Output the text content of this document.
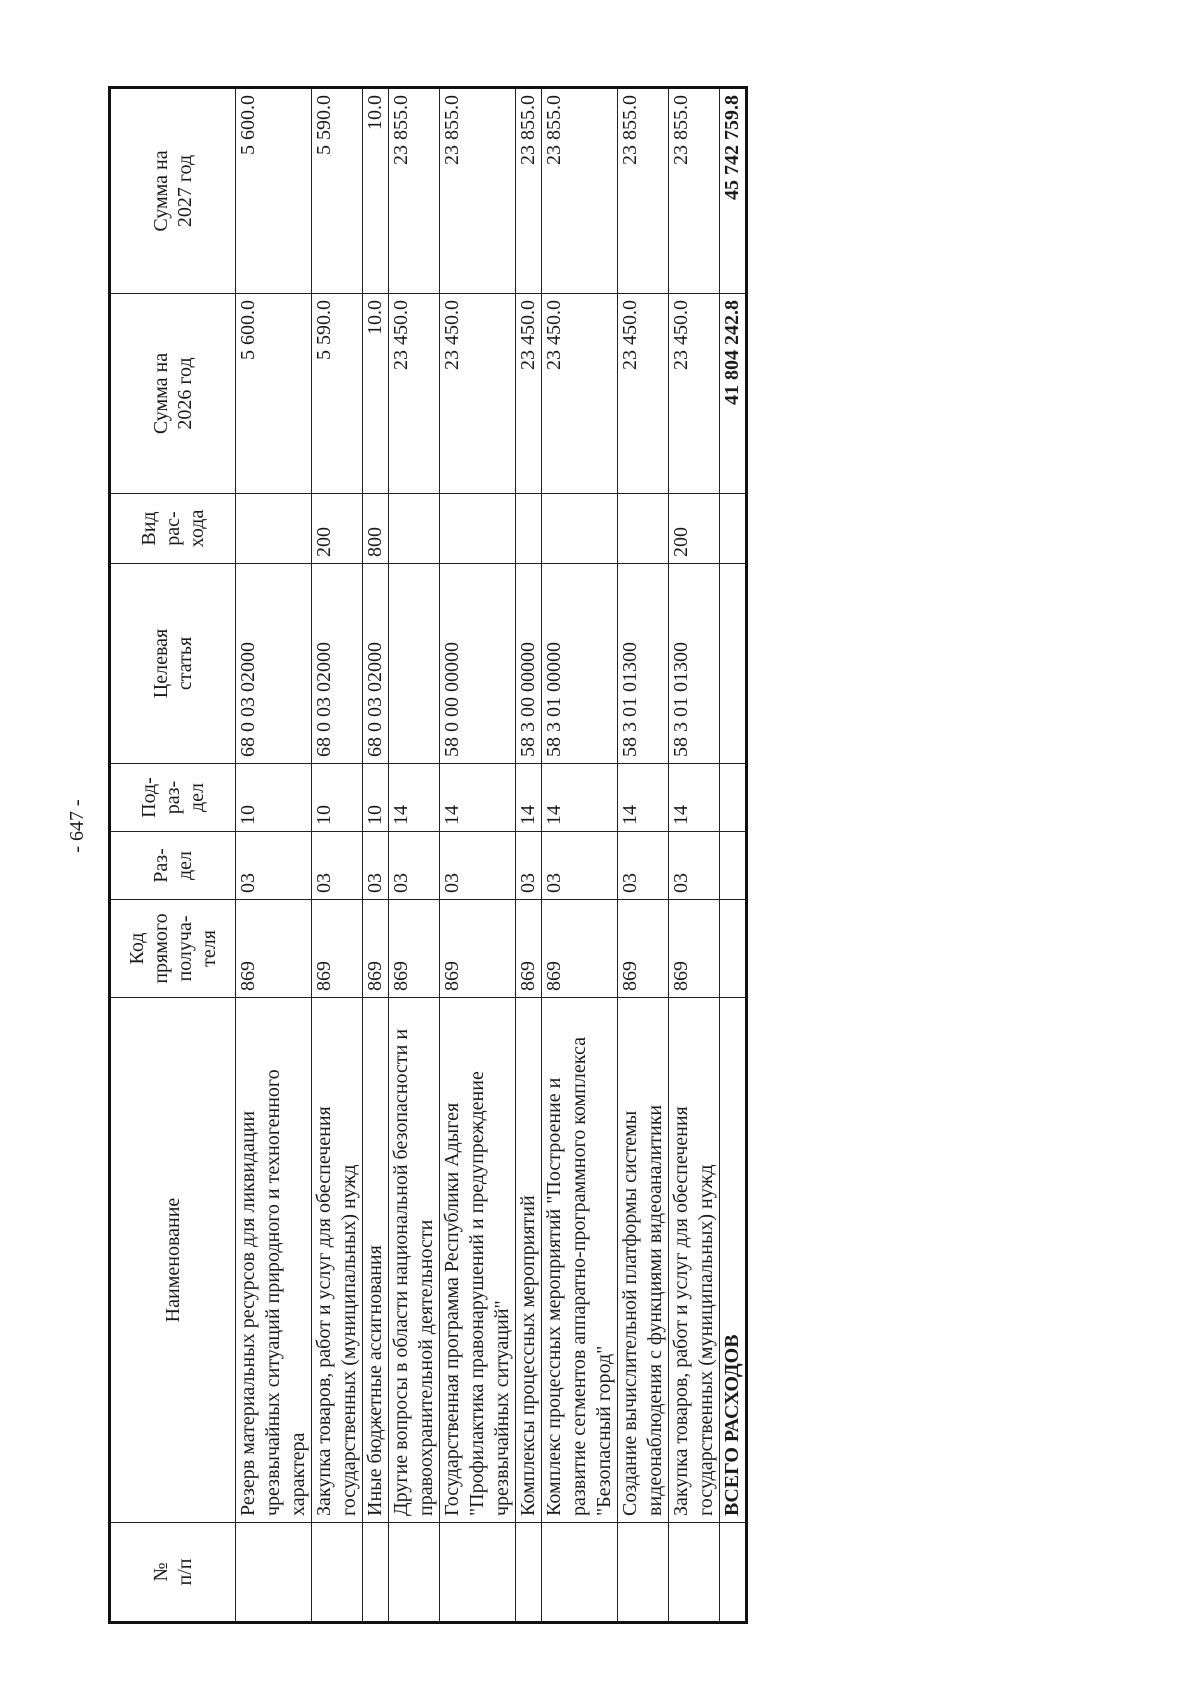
- 647 -
№
п/п	Наименование	Код
прямого
получа-
теля	Раз-
дел	Под-
раз-
дел	Целевая
статья	Вид
рас-
хода	Сумма на
2026 год	Сумма на
2027 год
	Резерв материальных ресурсов для ликвидации чрезвычайных ситуаций природного и техногенного характера	869	03	10	68 0 03 02000		5 600.0	5 600.0
	Закупка товаров, работ и услуг для обеспечения государственных (муниципальных) нужд	869	03	10	68 0 03 02000	200	5 590.0	5 590.0
	Иные бюджетные ассигнования	869	03	10	68 0 03 02000	800	10.0	10.0
	Другие вопросы в области национальной безопасности и правоохранительной деятельности	869	03	14			23 450.0	23 855.0
	Государственная программа Республики Адыгея "Профилактика правонарушений и предупреждение чрезвычайных ситуаций"	869	03	14	58 0 00 00000		23 450.0	23 855.0
	Комплексы процессных мероприятий	869	03	14	58 3 00 00000		23 450.0	23 855.0
	Комплекс процессных мероприятий "Построение и развитие сегментов аппаратно-программного комплекса "Безопасный город"	869	03	14	58 3 01 00000		23 450.0	23 855.0
	Создание вычислительной платформы системы видеонаблюдения с функциями видеоаналитики	869	03	14	58 3 01 01300		23 450.0	23 855.0
	Закупка товаров, работ и услуг для обеспечения государственных (муниципальных) нужд	869	03	14	58 3 01 01300	200	23 450.0	23 855.0
	ВСЕГО РАСХОДОВ						41 804 242.8	45 742 759.8
